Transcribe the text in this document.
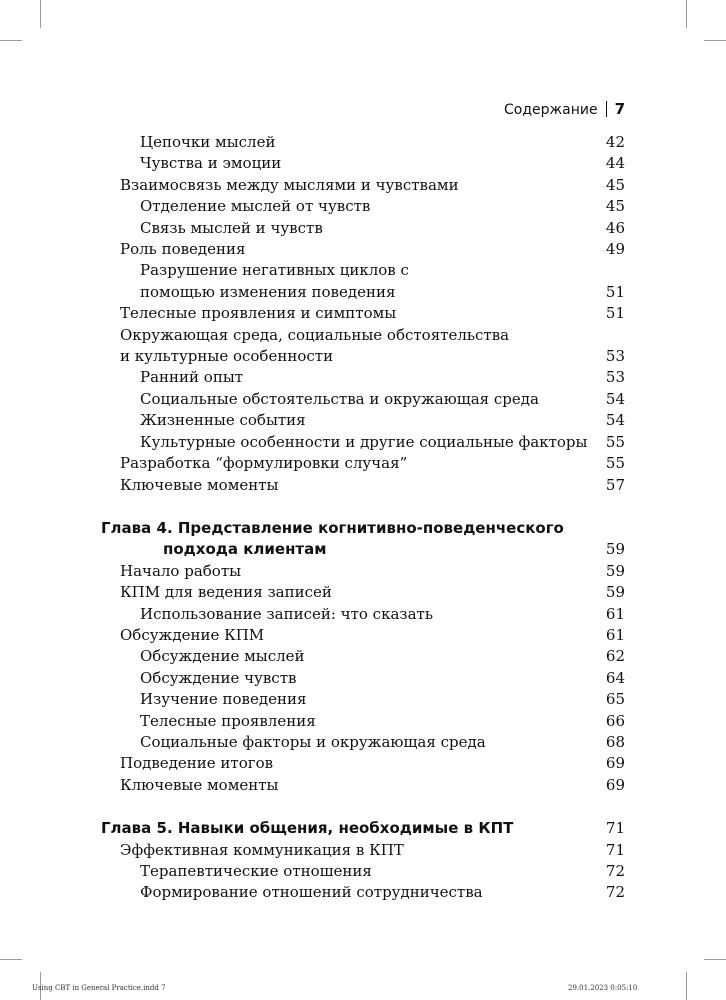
Содержание 7
Цепочки мыслей	42
Чувства и эмоции	44
Взаимосвязь между мыслями и чувствами	45
Отделение мыслей от чувств	45
Связь мыслей и чувств	46
Роль поведения	49
Разрушение негативных циклов с помощью изменения поведения	51
Телесные проявления и симптомы	51
Окружающая среда, социальные обстоятельства и культурные особенности	53
Ранний опыт	53
Социальные обстоятельства и окружающая среда	54
Жизненные события	54
Культурные особенности и другие социальные факторы	55
Разработка “формулировки случая”	55
Ключевые моменты	57
Глава 4. Представление когнитивно-поведенческого
подхода клиентам	59
Начало работы	59
КПМ для ведения записей	59
Использование записей: что сказать	61
Обсуждение КПМ	61
Обсуждение мыслей	62
Обсуждение чувств	64
Изучение поведения	65
Телесные проявления	66
Социальные факторы и окружающая среда	68
Подведение итогов	69
Ключевые моменты	69
Глава 5. Навыки общения, необходимые в КПТ	71
Эффективная коммуникация в КПТ	71
Терапевтические отношения	72
Формирование отношений сотрудничества	72
Using CBT in General Practice.indd 7	29.01.2023 0:05:10
